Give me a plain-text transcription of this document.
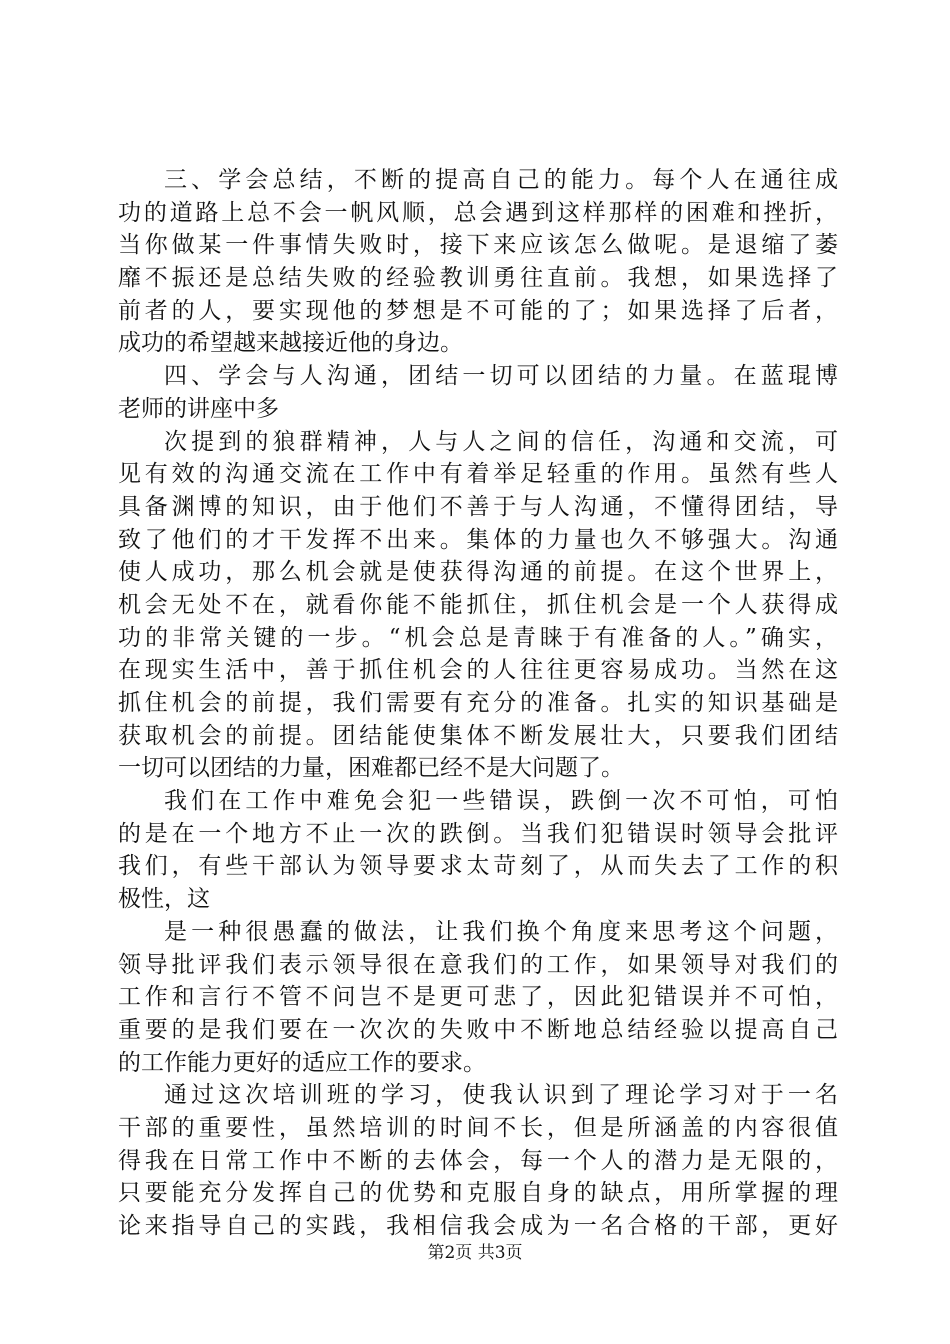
三、学会总结，不断的提高自己的能力。每个人在通往成
功的道路上总不会一帆风顺，总会遇到这样那样的困难和挫折，
当你做某一件事情失败时，接下来应该怎么做呢。是退缩了萎
靡不振还是总结失败的经验教训勇往直前。我想，如果选择了
前者的人，要实现他的梦想是不可能的了；如果选择了后者，
成功的希望越来越接近他的身边。
四、学会与人沟通，团结一切可以团结的力量。在蓝琨博
老师的讲座中多
次提到的狼群精神，人与人之间的信任，沟通和交流，可
见有效的沟通交流在工作中有着举足轻重的作用。虽然有些人
具备渊博的知识，由于他们不善于与人沟通，不懂得团结，导
致了他们的才干发挥不出来。集体的力量也久不够强大。沟通
使人成功，那么机会就是使获得沟通的前提。在这个世界上，
机会无处不在，就看你能不能抓住，抓住机会是一个人获得成
功的非常关键的一步。“机会总是青睐于有准备的人。”确实，
在现实生活中，善于抓住机会的人往往更容易成功。当然在这
抓住机会的前提，我们需要有充分的准备。扎实的知识基础是
获取机会的前提。团结能使集体不断发展壮大，只要我们团结
一切可以团结的力量，困难都已经不是大问题了。
我们在工作中难免会犯一些错误，跌倒一次不可怕，可怕
的是在一个地方不止一次的跌倒。当我们犯错误时领导会批评
我们，有些干部认为领导要求太苛刻了，从而失去了工作的积
极性，这
是一种很愚蠢的做法，让我们换个角度来思考这个问题，
领导批评我们表示领导很在意我们的工作，如果领导对我们的
工作和言行不管不问岂不是更可悲了，因此犯错误并不可怕，
重要的是我们要在一次次的失败中不断地总结经验以提高自己
的工作能力更好的适应工作的要求。
通过这次培训班的学习，使我认识到了理论学习对于一名
干部的重要性，虽然培训的时间不长，但是所涵盖的内容很值
得我在日常工作中不断的去体会，每一个人的潜力是无限的，
只要能充分发挥自己的优势和克服自身的缺点，用所掌握的理
论来指导自己的实践，我相信我会成为一名合格的干部，更好
第2页 共3页
